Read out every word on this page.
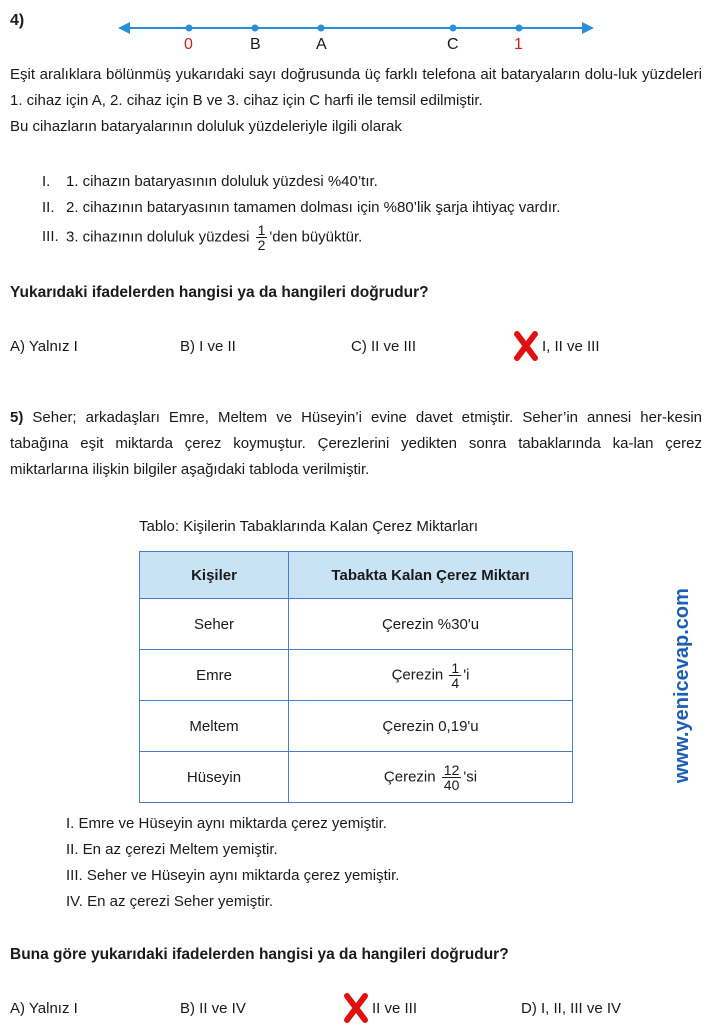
4)
0	B	A	C	1
Eşit aralıklara bölünmüş yukarıdaki sayı doğrusunda üç farklı telefona ait bataryaların dolu-luk yüzdeleri 1. cihaz için A, 2. cihaz için B ve 3. cihaz için C harfi ile temsil edilmiştir.
Bu cihazların bataryalarının doluluk yüzdeleriyle ilgili olarak
I. 1. cihazın bataryasının doluluk yüzdesi %40’tır.
II. 2. cihazının bataryasının tamamen dolması için %80’lik şarja ihtiyaç vardır.
III. 3. cihazının doluluk yüzdesi $\frac{1}{2}$ 'den büyüktür.
Yukarıdaki ifadelerden hangisi ya da hangileri doğrudur?
A) Yalnız I	B) I ve II	C) II ve III	I, II ve III
5) Seher; arkadaşları Emre, Meltem ve Hüseyin’i evine davet etmiştir. Seher’in annesi her-kesin tabağına eşit miktarda çerez koymuştur. Çerezlerini yedikten sonra tabaklarında ka-lan çerez miktarlarına ilişkin bilgiler aşağıdaki tabloda verilmiştir.
Tablo: Kişilerin Tabaklarında Kalan Çerez Miktarları
Kişiler	Tabakta Kalan Çerez Miktarı
Seher	Çerezin %30'u
Emre	Çerezin $\frac{1}{4}$ 'i
Meltem	Çerezin 0,19'u
Hüseyin	Çerezin $\frac{12}{40}$ 'si	www.yenicevap.com
I. Emre ve Hüseyin aynı miktarda çerez yemiştir.
II. En az çerezi Meltem yemiştir.
III. Seher ve Hüseyin aynı miktarda çerez yemiştir.
IV. En az çerezi Seher yemiştir.
Buna göre yukarıdaki ifadelerden hangisi ya da hangileri doğrudur?
A) Yalnız I	B) II ve IV	II ve III	D) I, II, III ve IV
